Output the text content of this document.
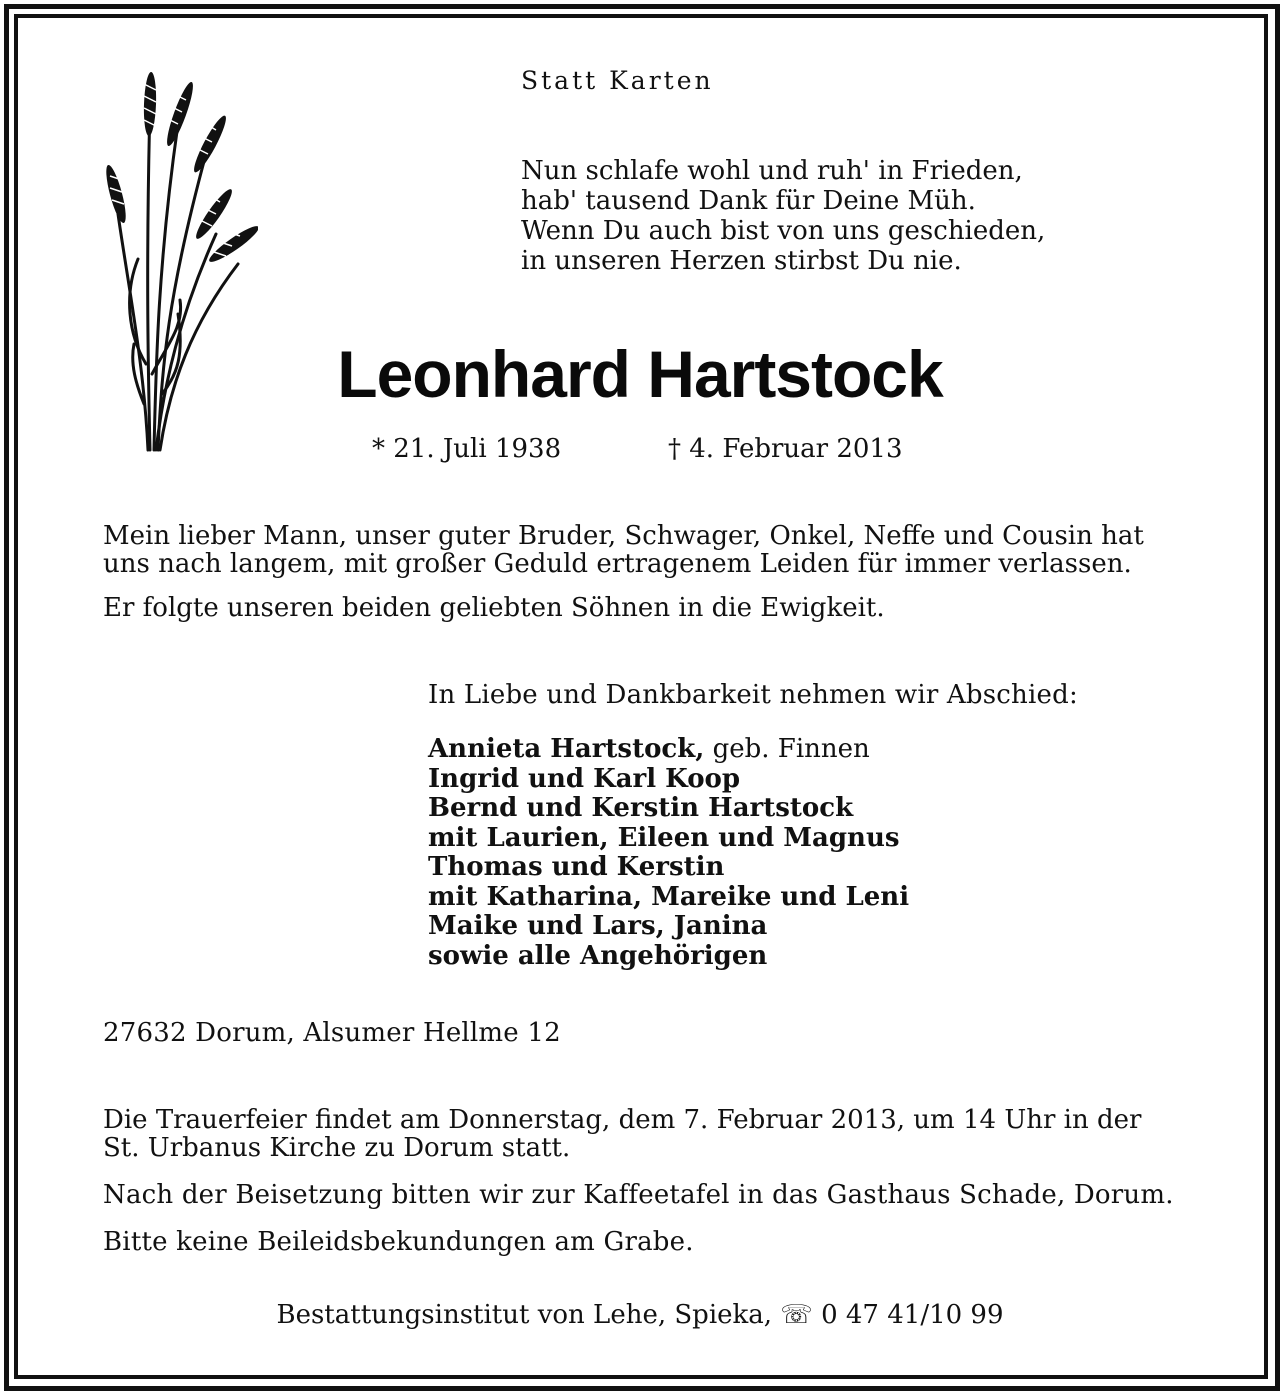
Statt Karten
Nun schlafe wohl und ruh' in Frieden,
hab' tausend Dank für Deine Müh.
Wenn Du auch bist von uns geschieden,
in unseren Herzen stirbst Du nie.
Leonhard Hartstock
* 21. Juli 1938	† 4. Februar 2013
Mein lieber Mann, unser guter Bruder, Schwager, Onkel, Neffe und Cousin hat
uns nach langem, mit großer Geduld ertragenem Leiden für immer verlassen.
Er folgte unseren beiden geliebten Söhnen in die Ewigkeit.
In Liebe und Dankbarkeit nehmen wir Abschied:
Annieta Hartstock, geb. Finnen
Ingrid und Karl Koop
Bernd und Kerstin Hartstock
mit Laurien, Eileen und Magnus
Thomas und Kerstin
mit Katharina, Mareike und Leni
Maike und Lars, Janina
sowie alle Angehörigen
27632 Dorum, Alsumer Hellme 12
Die Trauerfeier findet am Donnerstag, dem 7. Februar 2013, um 14 Uhr in der
St. Urbanus Kirche zu Dorum statt.
Nach der Beisetzung bitten wir zur Kaffeetafel in das Gasthaus Schade, Dorum.
Bitte keine Beileidsbekundungen am Grabe.
Bestattungsinstitut von Lehe, Spieka, ☏ 0 47 41/10 99
